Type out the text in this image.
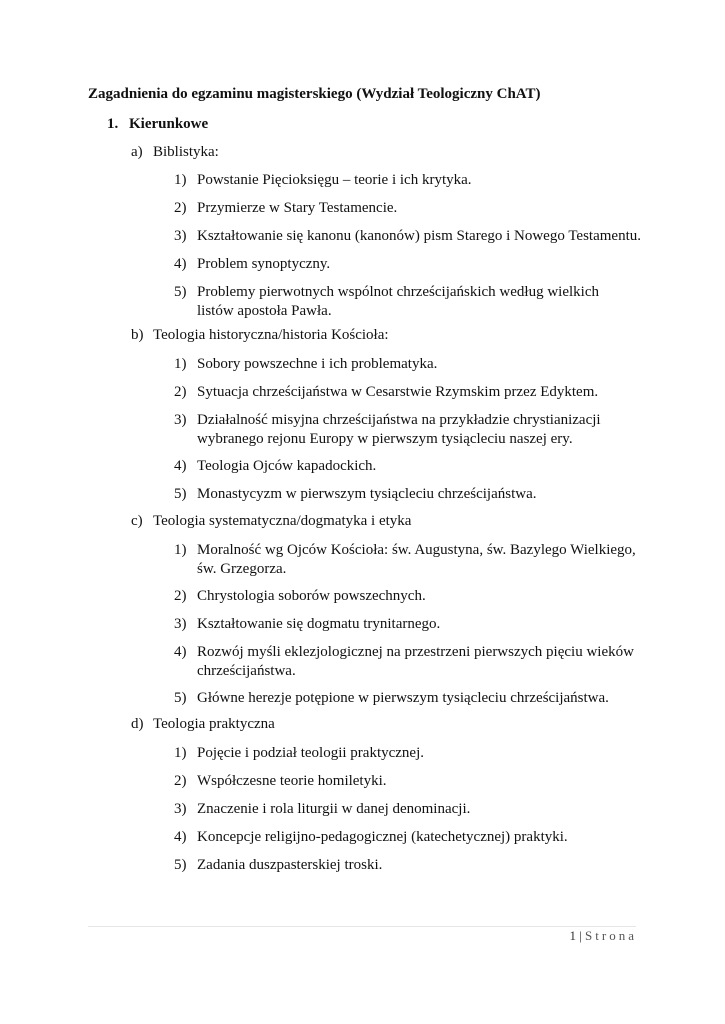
Zagadnienia do egzaminu magisterskiego (Wydział Teologiczny ChAT)
1. Kierunkowe
a) Biblistyka:
1) Powstanie Pięcioksięgu – teorie i ich krytyka.
2) Przymierze w Stary Testamencie.
3) Kształtowanie się kanonu (kanonów) pism Starego i Nowego Testamentu.
4) Problem synoptyczny.
5) Problemy pierwotnych wspólnot chrześcijańskich według wielkich listów apostoła Pawła.
b) Teologia historyczna/historia Kościoła:
1) Sobory powszechne i ich problematyka.
2) Sytuacja chrześcijaństwa w Cesarstwie Rzymskim przez Edyktem.
3) Działalność misyjna chrześcijaństwa na przykładzie chrystianizacji wybranego rejonu Europy w pierwszym tysiącleciu naszej ery.
4) Teologia Ojców kapadockich.
5) Monastycyzm w pierwszym tysiącleciu chrześcijaństwa.
c) Teologia systematyczna/dogmatyka i etyka
1) Moralność wg Ojców Kościoła: św. Augustyna, św. Bazylego Wielkiego, św. Grzegorza.
2) Chrystologia soborów powszechnych.
3) Kształtowanie się dogmatu trynitarnego.
4) Rozwój myśli eklezjologicznej na przestrzeni pierwszych pięciu wieków chrześcijaństwa.
5) Główne herezje potępione w pierwszym tysiącleciu chrześcijaństwa.
d) Teologia praktyczna
1) Pojęcie i podział teologii praktycznej.
2) Współczesne teorie homiletyki.
3) Znaczenie i rola liturgii w danej denominacji.
4) Koncepcje religijno-pedagogicznej (katechetycznej) praktyki.
5) Zadania duszpasterskiej troski.
1 | Strona
